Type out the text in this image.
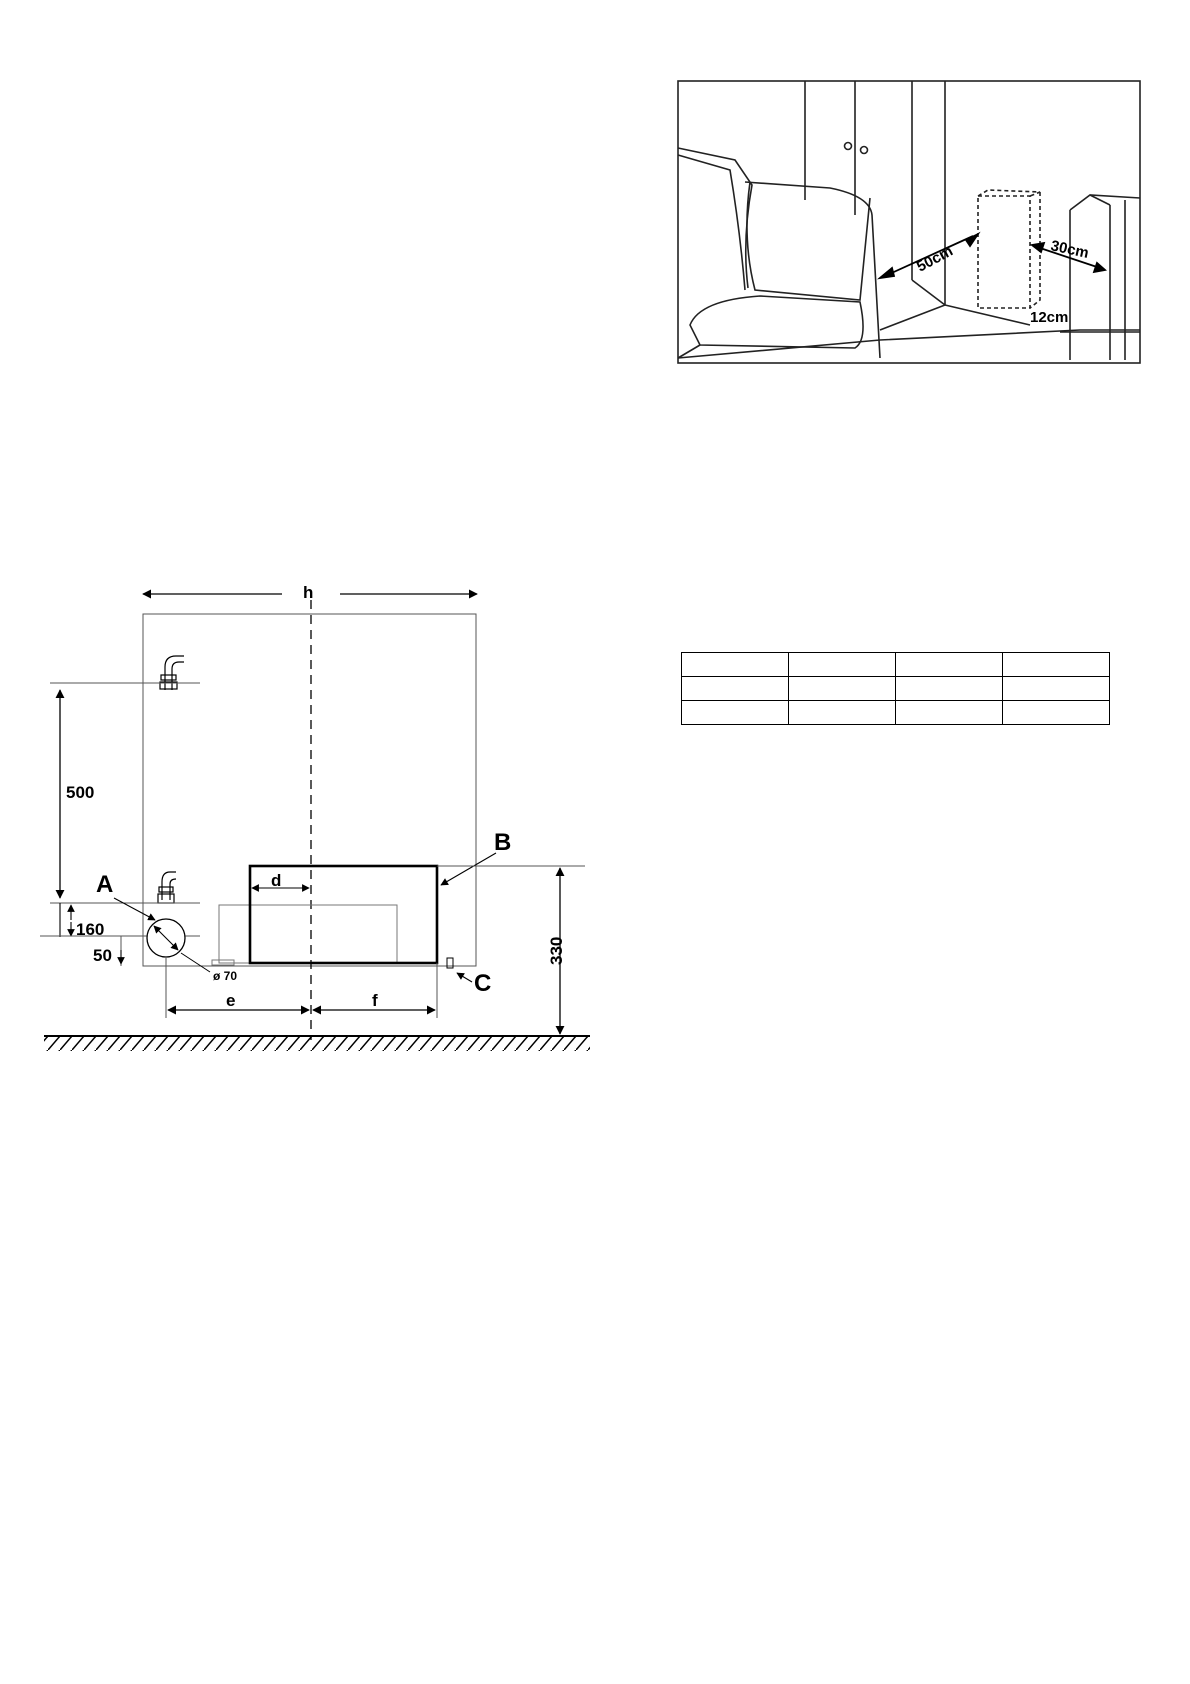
50cm	30cm
12cm

h
500
160
50
ø 70
A
B
d
C
330
e	f
